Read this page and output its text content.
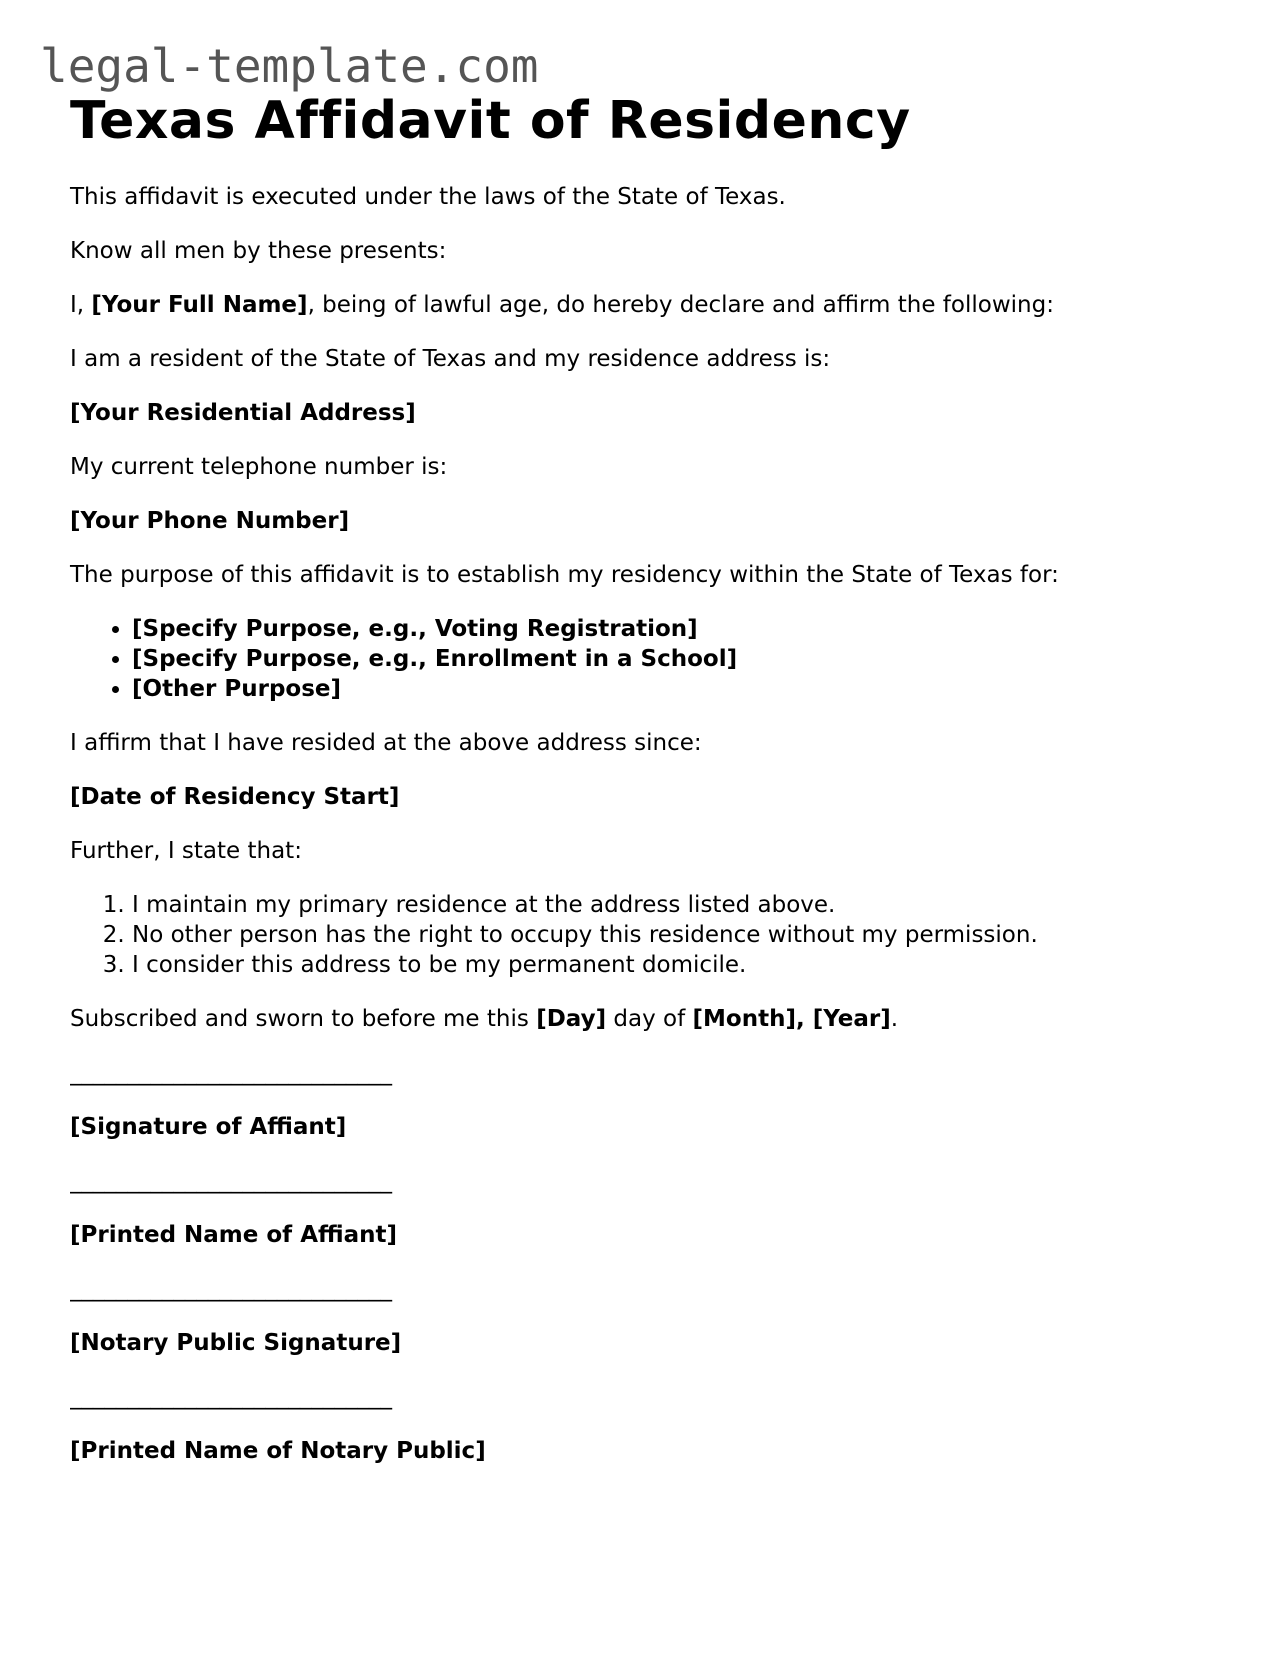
legal-template.com
Texas Affidavit of Residency

This affidavit is executed under the laws of the State of Texas.

Know all men by these presents:

I, [Your Full Name], being of lawful age, do hereby declare and affirm the following:

I am a resident of the State of Texas and my residence address is:

[Your Residential Address]

My current telephone number is:

[Your Phone Number]

The purpose of this affidavit is to establish my residency within the State of Texas for:

• [Specify Purpose, e.g., Voting Registration]
• [Specify Purpose, e.g., Enrollment in a School]
• [Other Purpose]

I affirm that I have resided at the above address since:

[Date of Residency Start]

Further, I state that:

1. I maintain my primary residence at the address listed above.
2. No other person has the right to occupy this residence without my permission.
3. I consider this address to be my permanent domicile.

Subscribed and sworn to before me this [Day] day of [Month], [Year].

____________________________

[Signature of Affiant]

____________________________

[Printed Name of Affiant]

____________________________

[Notary Public Signature]

____________________________

[Printed Name of Notary Public]
